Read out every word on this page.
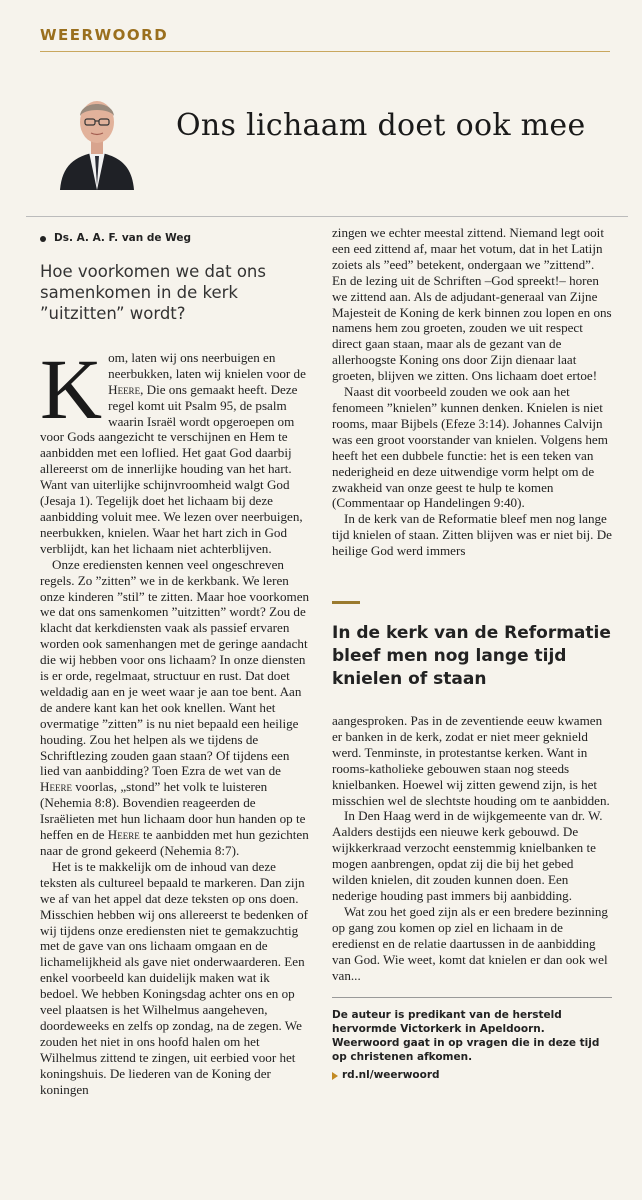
WEERWOORD
Ons lichaam doet ook mee
Ds. A. A. F. van de Weg
Hoe voorkomen we dat ons samenkomen in de kerk ”uitzitten” wordt?

Kom, laten wij ons neerbuigen en neerbukken, laten wij knielen voor de Heere, Die ons gemaakt heeft. Deze regel komt uit Psalm 95, de psalm waarin Israël wordt opgeroepen om voor Gods aangezicht te verschijnen en Hem te aanbidden met een loflied. Het gaat God daarbij allereerst om de innerlijke houding van het hart. Want van uiterlijke schijnvroomheid walgt God (Jesaja 1). Tegelijk doet het lichaam bij deze aanbidding voluit mee. We lezen over neerbuigen, neerbukken, knielen. Waar het hart zich in God verblijdt, kan het lichaam niet achterblijven.

Onze erediensten kennen veel ongeschreven regels. Zo ”zitten” we in de kerkbank. We leren onze kinderen ”stil” te zitten. Maar hoe voorkomen we dat ons samenkomen ”uitzitten” wordt? Zou de klacht dat kerkdiensten vaak als passief ervaren worden ook samenhangen met de geringe aandacht die wij hebben voor ons lichaam? In onze diensten is er orde, regelmaat, structuur en rust. Dat doet weldadig aan en je weet waar je aan toe bent. Aan de andere kant kan het ook knellen. Want het overmatige ”zitten” is nu niet bepaald een heilige houding. Zou het helpen als we tijdens de Schriftlezing zouden gaan staan? Of tijdens een lied van aanbidding? Toen Ezra de wet van de Heere voorlas, „stond” het volk te luisteren (Nehemia 8:8). Bovendien reageerden de Israëlieten met hun lichaam door hun handen op te heffen en de Heere te aanbidden met hun gezichten naar de grond gekeerd (Nehemia 8:7).

Het is te makkelijk om de inhoud van deze teksten als cultureel bepaald te markeren. Dan zijn we af van het appel dat deze teksten op ons doen. Misschien hebben wij ons allereerst te bedenken of wij tijdens onze erediensten niet te gemakzuchtig met de gave van ons lichaam omgaan en de lichamelijkheid als gave niet onderwaarderen. Een enkel voorbeeld kan duidelijk maken wat ik bedoel. We hebben Koningsdag achter ons en op veel plaatsen is het Wilhelmus aangeheven, doordeweeks en zelfs op zondag, na de zegen. We zouden het niet in ons hoofd halen om het Wilhelmus zittend te zingen, uit eerbied voor het koningshuis. De liederen van de Koning der koningen

zingen we echter meestal zittend. Niemand legt ooit een eed zittend af, maar het votum, dat in het Latijn zoiets als ”eed” betekent, ondergaan we ”zittend”. En de lezing uit de Schriften –God spreekt!– horen we zittend aan. Als de adjudant-generaal van Zijne Majesteit de Koning de kerk binnen zou lopen en ons namens hem zou groeten, zouden we uit respect direct gaan staan, maar als de gezant van de allerhoogste Koning ons door Zijn dienaar laat groeten, blijven we zitten. Ons lichaam doet ertoe!

Naast dit voorbeeld zouden we ook aan het fenomeen ”knielen” kunnen denken. Knielen is niet rooms, maar Bijbels (Efeze 3:14). Johannes Calvijn was een groot voorstander van knielen. Volgens hem heeft het een dubbele functie: het is een teken van nederigheid en deze uitwendige vorm helpt om de zwakheid van onze geest te hulp te komen (Commentaar op Handelingen 9:40).

In de kerk van de Reformatie bleef men nog lange tijd knielen of staan. Zitten blijven was er niet bij. De heilige God werd immers

In de kerk van de Reformatie bleef men nog lange tijd knielen of staan

aangesproken. Pas in de zeventiende eeuw kwamen er banken in de kerk, zodat er niet meer geknield werd. Tenminste, in protestantse kerken. Want in rooms-katholieke gebouwen staan nog steeds knielbanken. Hoewel wij zitten gewend zijn, is het misschien wel de slechtste houding om te aanbidden.

In Den Haag werd in de wijkgemeente van dr. W. Aalders destijds een nieuwe kerk gebouwd. De wijkkerkraad verzocht eenstemmig knielbanken te mogen aanbrengen, opdat zij die bij het gebed wilden knielen, dit zouden kunnen doen. Een nederige houding past immers bij aanbidding.

Wat zou het goed zijn als er een bredere bezinning op gang zou komen op ziel en lichaam in de eredienst en de relatie daartussen in de aanbidding van God. Wie weet, komt dat knielen er dan ook wel van...

De auteur is predikant van de hersteld hervormde Victorkerk in Apeldoorn. Weerwoord gaat in op vragen die in deze tijd op christenen afkomen.
rd.nl/weerwoord
